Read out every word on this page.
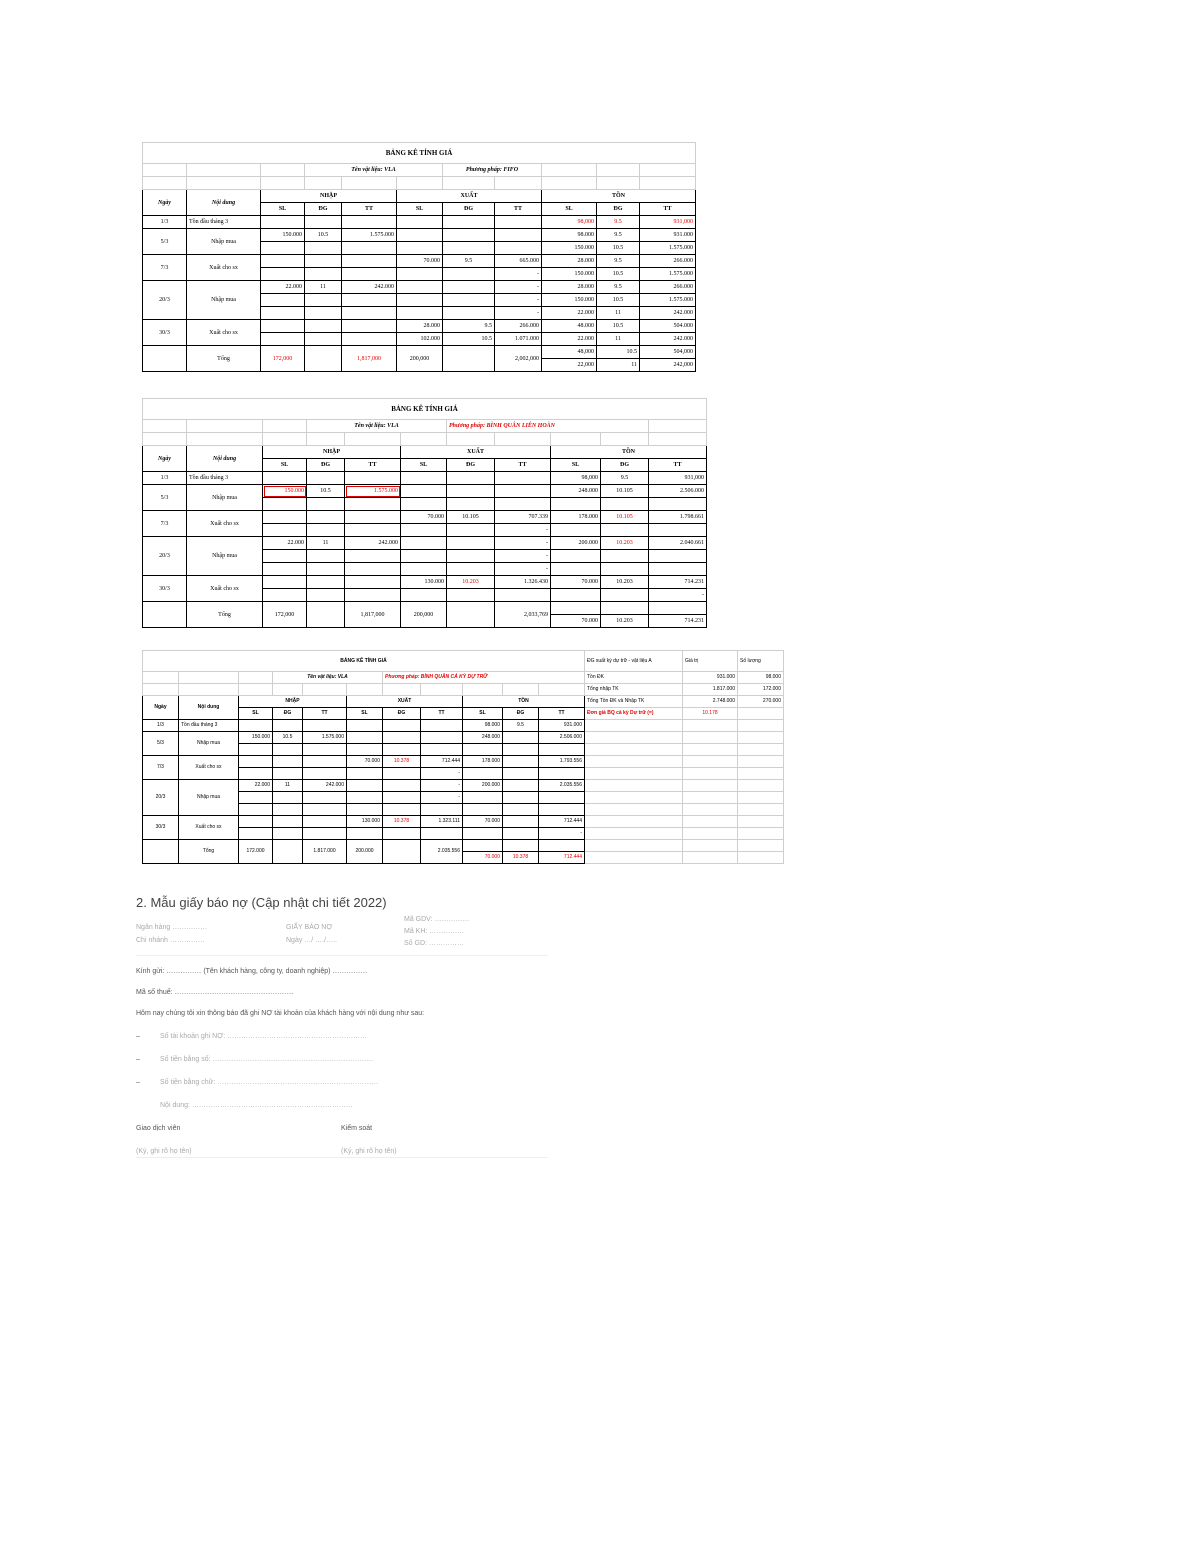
BẢNG KÊ TÍNH GIÁ										
			Tên vật liệu: VLA			Phương pháp: FIFO				

Ngày	Nội dung	NHẬP			XUẤT			TỒN		
		SL	ĐG	TT	SL	ĐG	TT	SL	ĐG	TT
1/3	Tồn đầu tháng 3							98,000	9.5	931,000
5/3	Nhập mua	150.000	10.5	1.575.000				98.000	9.5	931.000
								150.000	10.5	1.575.000
7/3	Xuất cho sx				70.000	9.5	665.000	28.000	9.5	266.000
							-	150.000	10.5	1.575.000
20/3	Nhập mua	22.000	11	242.000			-	28.000	9.5	266.000
							-	150.000	10.5	1.575.000
							-	22.000	11	242.000
30/3	Xuất cho sx				28.000	9.5	266.000	48.000	10.5	504.000
					102.000	10.5	1.071.000	22.000	11	242.000
	Tổng	172,000		1,817,000	200,000		2,002,000	48,000	10.5	504,000
								22,000	11	242,000
BẢNG KÊ TÍNH GIÁ										
			Tên vật liệu: VLA			Phương pháp: BÌNH QUÂN LIÊN HOÀN				

Ngày	Nội dung	NHẬP			XUẤT			TỒN		
		SL	ĐG	TT	SL	ĐG	TT	SL	ĐG	TT
1/3	Tồn đầu tháng 3							98,000	9.5	931,000
5/3	Nhập mua	150.000	10.5	1.575.000				248.000	10.105	2.506.000

7/3	Xuất cho sx				70.000	10.105	707.339	178.000	10.105	1.798.661
							-			
20/3	Nhập mua	22.000	11	242.000			-	200.000	10.203	2.040.661
							-			
							-			
30/3	Xuất cho sx				130.000	10.203	1.326.430	70.000	10.203	714.231
										-
	Tổng	172,000		1,817,000	200,000		2,033,769			
								70.000	10.203	714.231
BẢNG KÊ TÍNH GIÁ											ĐG xuất kỳ dự trữ - vật liệu A	Giá trị	Số lượng
			Tên vật liệu: VLA			Phương pháp: BÌNH QUÂN CẢ KỲ DỰ TRỮ					Tồn ĐK	931.000	98.000
											Tổng nhập TK	1.817.000	172.000
Ngày	Nội dung	NHẬP			XUẤT			TỒN			Tổng Tồn ĐK và Nhập TK	2.748.000	270.000
		SL	ĐG	TT	SL	ĐG	TT	SL	ĐG	TT	Đơn giá BQ cả kỳ Dự trữ (=)	10.178	
1/3	Tồn đầu tháng 3							98.000	9.5	931.000			
5/3	Nhập mua	150.000	10.5	1.575.000				248.000		2.506.000			

7/3	Xuất cho sx				70.000	10.378	712.444	178.000		1.793.556			
							-						
20/3	Nhập mua	22.000	11	242.000			-	200.000		2.035.556			
							-						

30/3	Xuất cho sx				130.000	10.378	1.323.111	70.000		712.444			
										-			
	Tổng	172.000		1.817.000	200.000		2.035.556						
								70.000	10.378	712.444			
2. Mẫu giấy báo nợ (Cập nhật chi tiết 2022)
Ngân hàng ……………
Chi nhánh ……………
GIẤY BÁO NỢ
Ngày …/ …./…..
Mã GDV: ……………
Mã KH: ……………
Số GD: ……………

Kính gửi: …………… (Tên khách hàng, công ty, doanh nghiệp) ……………

Mã số thuế: ……………………………………………

Hôm nay chúng tôi xin thông báo đã ghi NỢ tài khoản của khách hàng với nội dung như sau:

–	Số tài khoản ghi NỢ: ……………………………………………………
–	Số tiền bằng số: ……………………………………………………………
–	Số tiền bằng chữ: ……………………………………………………………
Nội dung: ……………………………………………………………
Giao dịch viên	Kiểm soát
(Ký, ghi rõ họ tên)	(Ký, ghi rõ họ tên)
